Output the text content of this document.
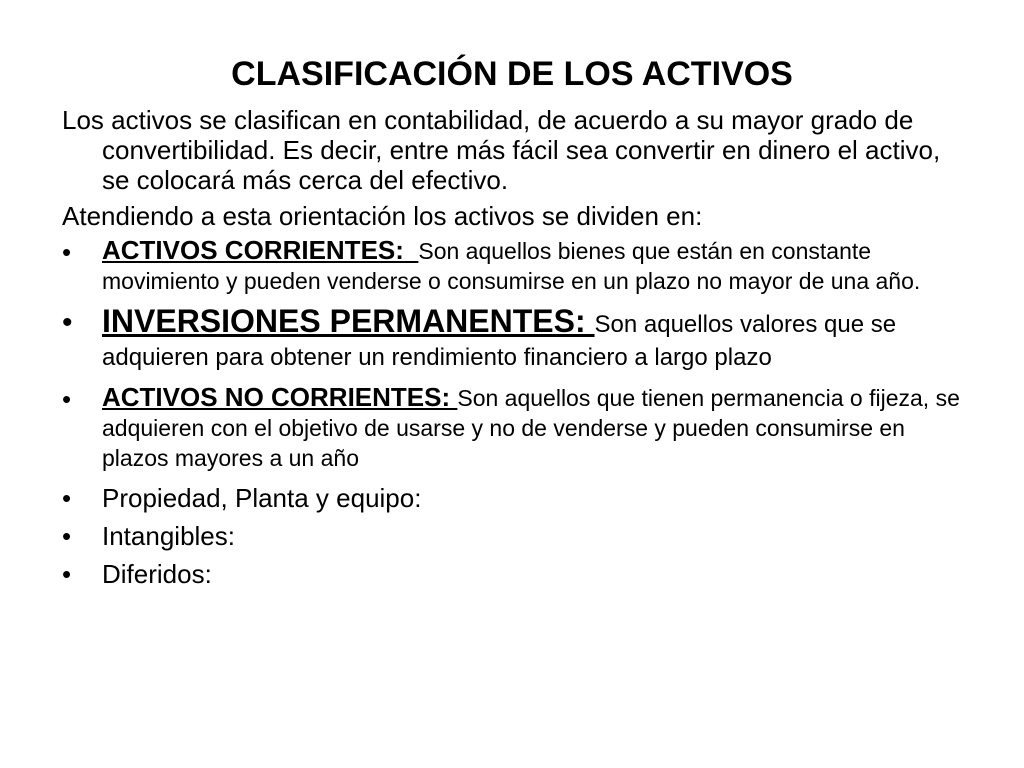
CLASIFICACIÓN DE LOS ACTIVOS

Los activos se clasifican en contabilidad, de acuerdo a su mayor grado de convertibilidad. Es decir, entre más fácil sea convertir en dinero el activo, se colocará más cerca del efectivo.

Atendiendo a esta orientación los activos se dividen en:

• ACTIVOS CORRIENTES:  Son aquellos bienes que están en constante movimiento y pueden venderse o consumirse en un plazo no mayor de una año.
• INVERSIONES PERMANENTES: Son aquellos valores que se adquieren para obtener un rendimiento financiero a largo plazo
• ACTIVOS NO CORRIENTES: Son aquellos que tienen permanencia o fijeza, se adquieren con el objetivo de usarse y no de venderse y pueden consumirse en plazos mayores a un año
• Propiedad, Planta y equipo:
• Intangibles:
• Diferidos:
